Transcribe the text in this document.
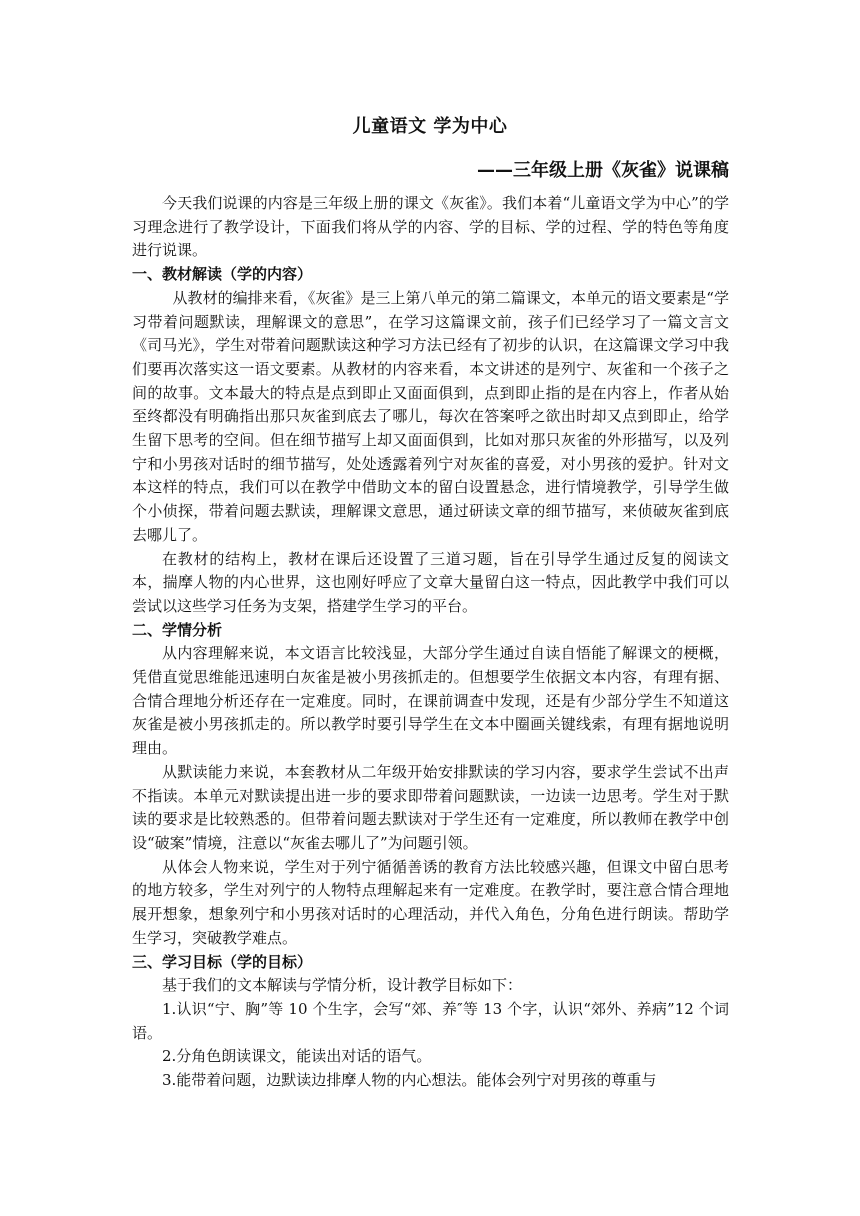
儿童语文 学为中心
——三年级上册《灰雀》说课稿

今天我们说课的内容是三年级上册的课文《灰雀》。我们本着“儿童语文学为中心”的学习理念进行了教学设计，下面我们将从学的内容、学的目标、学的过程、学的特色等角度进行说课。

一、教材解读（学的内容）

从教材的编排来看，《灰雀》是三上第八单元的第二篇课文，本单元的语文要素是“学习带着问题默读，理解课文的意思”，在学习这篇课文前，孩子们已经学习了一篇文言文《司马光》，学生对带着问题默读这种学习方法已经有了初步的认识，在这篇课文学习中我们要再次落实这一语文要素。从教材的内容来看，本文讲述的是列宁、灰雀和一个孩子之间的故事。文本最大的特点是点到即止又面面俱到，点到即止指的是在内容上，作者从始至终都没有明确指出那只灰雀到底去了哪儿，每次在答案呼之欲出时却又点到即止，给学生留下思考的空间。但在细节描写上却又面面俱到，比如对那只灰雀的外形描写，以及列宁和小男孩对话时的细节描写，处处透露着列宁对灰雀的喜爱，对小男孩的爱护。针对文本这样的特点，我们可以在教学中借助文本的留白设置悬念，进行情境教学，引导学生做个小侦探，带着问题去默读，理解课文意思，通过研读文章的细节描写，来侦破灰雀到底去哪儿了。

在教材的结构上，教材在课后还设置了三道习题，旨在引导学生通过反复的阅读文本，揣摩人物的内心世界，这也刚好呼应了文章大量留白这一特点，因此教学中我们可以尝试以这些学习任务为支架，搭建学生学习的平台。

二、学情分析

从内容理解来说，本文语言比较浅显，大部分学生通过自读自悟能了解课文的梗概，凭借直觉思维能迅速明白灰雀是被小男孩抓走的。但想要学生依据文本内容，有理有据、合情合理地分析还存在一定难度。同时，在课前调查中发现，还是有少部分学生不知道这灰雀是被小男孩抓走的。所以教学时要引导学生在文本中圈画关键线索，有理有据地说明理由。

从默读能力来说，本套教材从二年级开始安排默读的学习内容，要求学生尝试不出声不指读。本单元对默读提出进一步的要求即带着问题默读，一边读一边思考。学生对于默读的要求是比较熟悉的。但带着问题去默读对于学生还有一定难度，所以教师在教学中创设“破案”情境，注意以“灰雀去哪儿了”为问题引领。

从体会人物来说，学生对于列宁循循善诱的教育方法比较感兴趣，但课文中留白思考的地方较多，学生对列宁的人物特点理解起来有一定难度。在教学时，要注意合情合理地展开想象，想象列宁和小男孩对话时的心理活动，并代入角色，分角色进行朗读。帮助学生学习，突破教学难点。

三、学习目标（学的目标）

基于我们的文本解读与学情分析，设计教学目标如下：

1.认识“宁、胸”等 10 个生字，会写“郊、养″等 13 个字，认识“郊外、养病”12 个词语。

2.分角色朗读课文，能读出对话的语气。

3.能带着问题，边默读边排摩人物的内心想法。能体会列宁对男孩的尊重与
